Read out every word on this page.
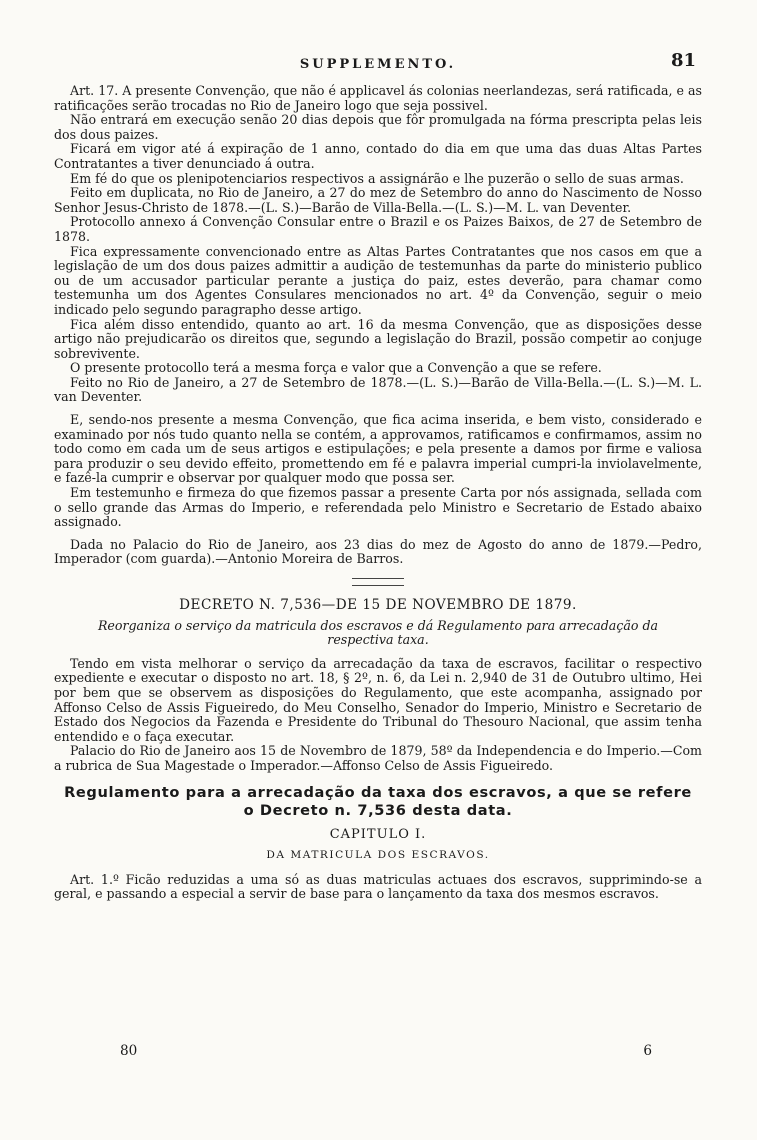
SUPPLEMENTO.	81

Art. 17. A presente Convenção, que não é applicavel ás colonias neerlandezas, será ratificada, e as ratificações serão trocadas no Rio de Janeiro logo que seja possivel.

Não entrará em execução senão 20 dias depois que fôr promulgada na fórma prescripta pelas leis dos dous paizes.

Ficará em vigor até á expiração de 1 anno, contado do dia em que uma das duas Altas Partes Contratantes a tiver denunciado á outra.

Em fé do que os plenipotenciarios respectivos a assignárão e lhe puzerão o sello de suas armas.

Feito em duplicata, no Rio de Janeiro, a 27 do mez de Setembro do anno do Nascimento de Nosso Senhor Jesus-Christo de 1878.—(L. S.)—Barão de Villa-Bella.—(L. S.)—M. L. van Deventer.

Protocollo annexo á Convenção Consular entre o Brazil e os Paizes Baixos, de 27 de Setembro de 1878.

Fica expressamente convencionado entre as Altas Partes Contratantes que nos casos em que a legislação de um dos dous paizes admittir a audição de testemunhas da parte do ministerio publico ou de um accusador particular perante a justiça do paiz, estes deverão, para chamar como testemunha um dos Agentes Consulares mencionados no art. 4º da Convenção, seguir o meio indicado pelo segundo paragrapho desse artigo.

Fica além disso entendido, quanto ao art. 16 da mesma Convenção, que as disposições desse artigo não prejudicarão os direitos que, segundo a legislação do Brazil, possão competir ao conjuge sobrevivente.

O presente protocollo terá a mesma força e valor que a Convenção a que se refere.

Feito no Rio de Janeiro, a 27 de Setembro de 1878.—(L. S.)—Barão de Villa-Bella.—(L. S.)—M. L. van Deventer.

E, sendo-nos presente a mesma Convenção, que fica acima inserida, e bem visto, considerado e examinado por nós tudo quanto nella se contém, a approvamos, ratificamos e confirmamos, assim no todo como em cada um de seus artigos e estipulações; e pela presente a damos por firme e valiosa para produzir o seu devido effeito, promettendo em fé e palavra imperial cumpri-la inviolavelmente, e fazê-la cumprir e observar por qualquer modo que possa ser.

Em testemunho e firmeza do que fizemos passar a presente Carta por nós assignada, sellada com o sello grande das Armas do Imperio, e referendada pelo Ministro e Secretario de Estado abaixo assignado.

Dada no Palacio do Rio de Janeiro, aos 23 dias do mez de Agosto do anno de 1879.—Pedro, Imperador (com guarda).—Antonio Moreira de Barros.

DECRETO N. 7,536—DE 15 DE NOVEMBRO DE 1879.
Reorganiza o serviço da matricula dos escravos e dá Regulamento para arrecadação da respectiva taxa.

Tendo em vista melhorar o serviço da arrecadação da taxa de escravos, facilitar o respectivo expediente e executar o disposto no art. 18, § 2º, n. 6, da Lei n. 2,940 de 31 de Outubro ultimo, Hei por bem que se observem as disposições do Regulamento, que este acompanha, assignado por Affonso Celso de Assis Figueiredo, do Meu Conselho, Senador do Imperio, Ministro e Secretario de Estado dos Negocios da Fazenda e Presidente do Tribunal do Thesouro Nacional, que assim tenha entendido e o faça executar.

Palacio do Rio de Janeiro aos 15 de Novembro de 1879, 58º da Independencia e do Imperio.—Com a rubrica de Sua Magestade o Imperador.—Affonso Celso de Assis Figueiredo.

Regulamento para a arrecadação da taxa dos escravos, a que se refere o Decreto n. 7,536 desta data.
CAPITULO I.
DA MATRICULA DOS ESCRAVOS.

Art. 1.º Ficão reduzidas a uma só as duas matriculas actuaes dos escravos, supprimindo-se a geral, e passando a especial a servir de base para o lançamento da taxa dos mesmos escravos.

80	6
